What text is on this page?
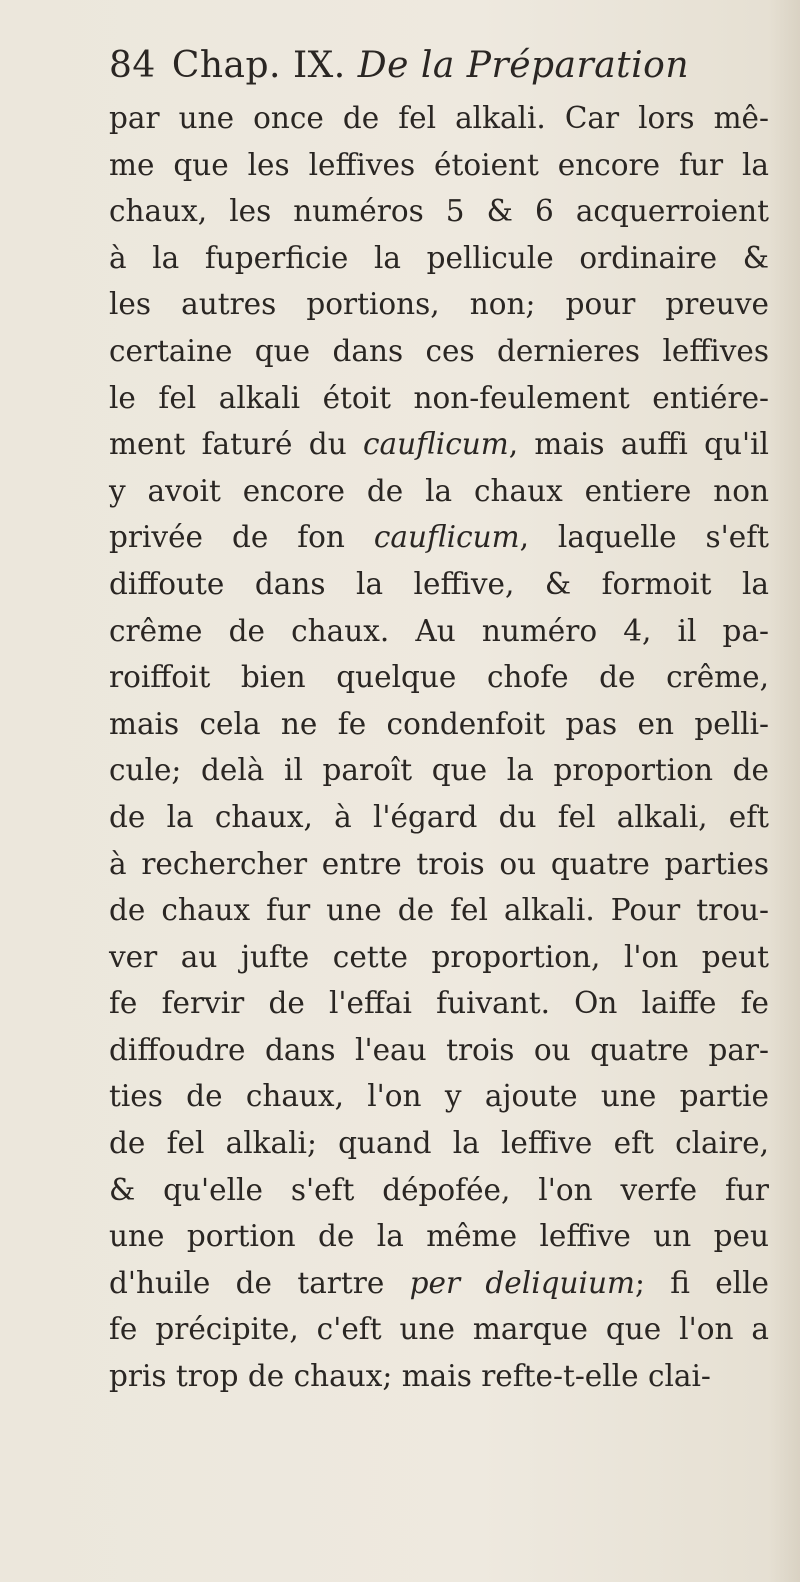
84 Chap. IX. De la Préparation
par une once de fel alkali. Car lors mê-
me que les leffives étoient encore fur la
chaux, les numéros 5 & 6 acquerroient
à la fuperficie la pellicule ordinaire &
les autres portions, non; pour preuve
certaine que dans ces dernieres leffives
le fel alkali étoit non-feulement entiére-
ment faturé du cauflicum, mais auffi qu'il
y avoit encore de la chaux entiere non
privée de fon cauflicum, laquelle s'eft
diffoute dans la leffive, & formoit la
crême de chaux. Au numéro 4, il pa-
roiffoit bien quelque chofe de crême,
mais cela ne fe condenfoit pas en pelli-
cule; delà il paroît que la proportion de
de la chaux, à l'égard du fel alkali, eft
à rechercher entre trois ou quatre parties
de chaux fur une de fel alkali. Pour trou-
ver au jufte cette proportion, l'on peut
fe fervir de l'effai fuivant. On laiffe fe
diffoudre dans l'eau trois ou quatre par-
ties de chaux, l'on y ajoute une partie
de fel alkali; quand la leffive eft claire,
& qu'elle s'eft dépofée, l'on verfe fur
une portion de la même leffive un peu
d'huile de tartre per deliquium; fi elle
fe précipite, c'eft une marque que l'on a
pris trop de chaux; mais refte-t-elle clai-
